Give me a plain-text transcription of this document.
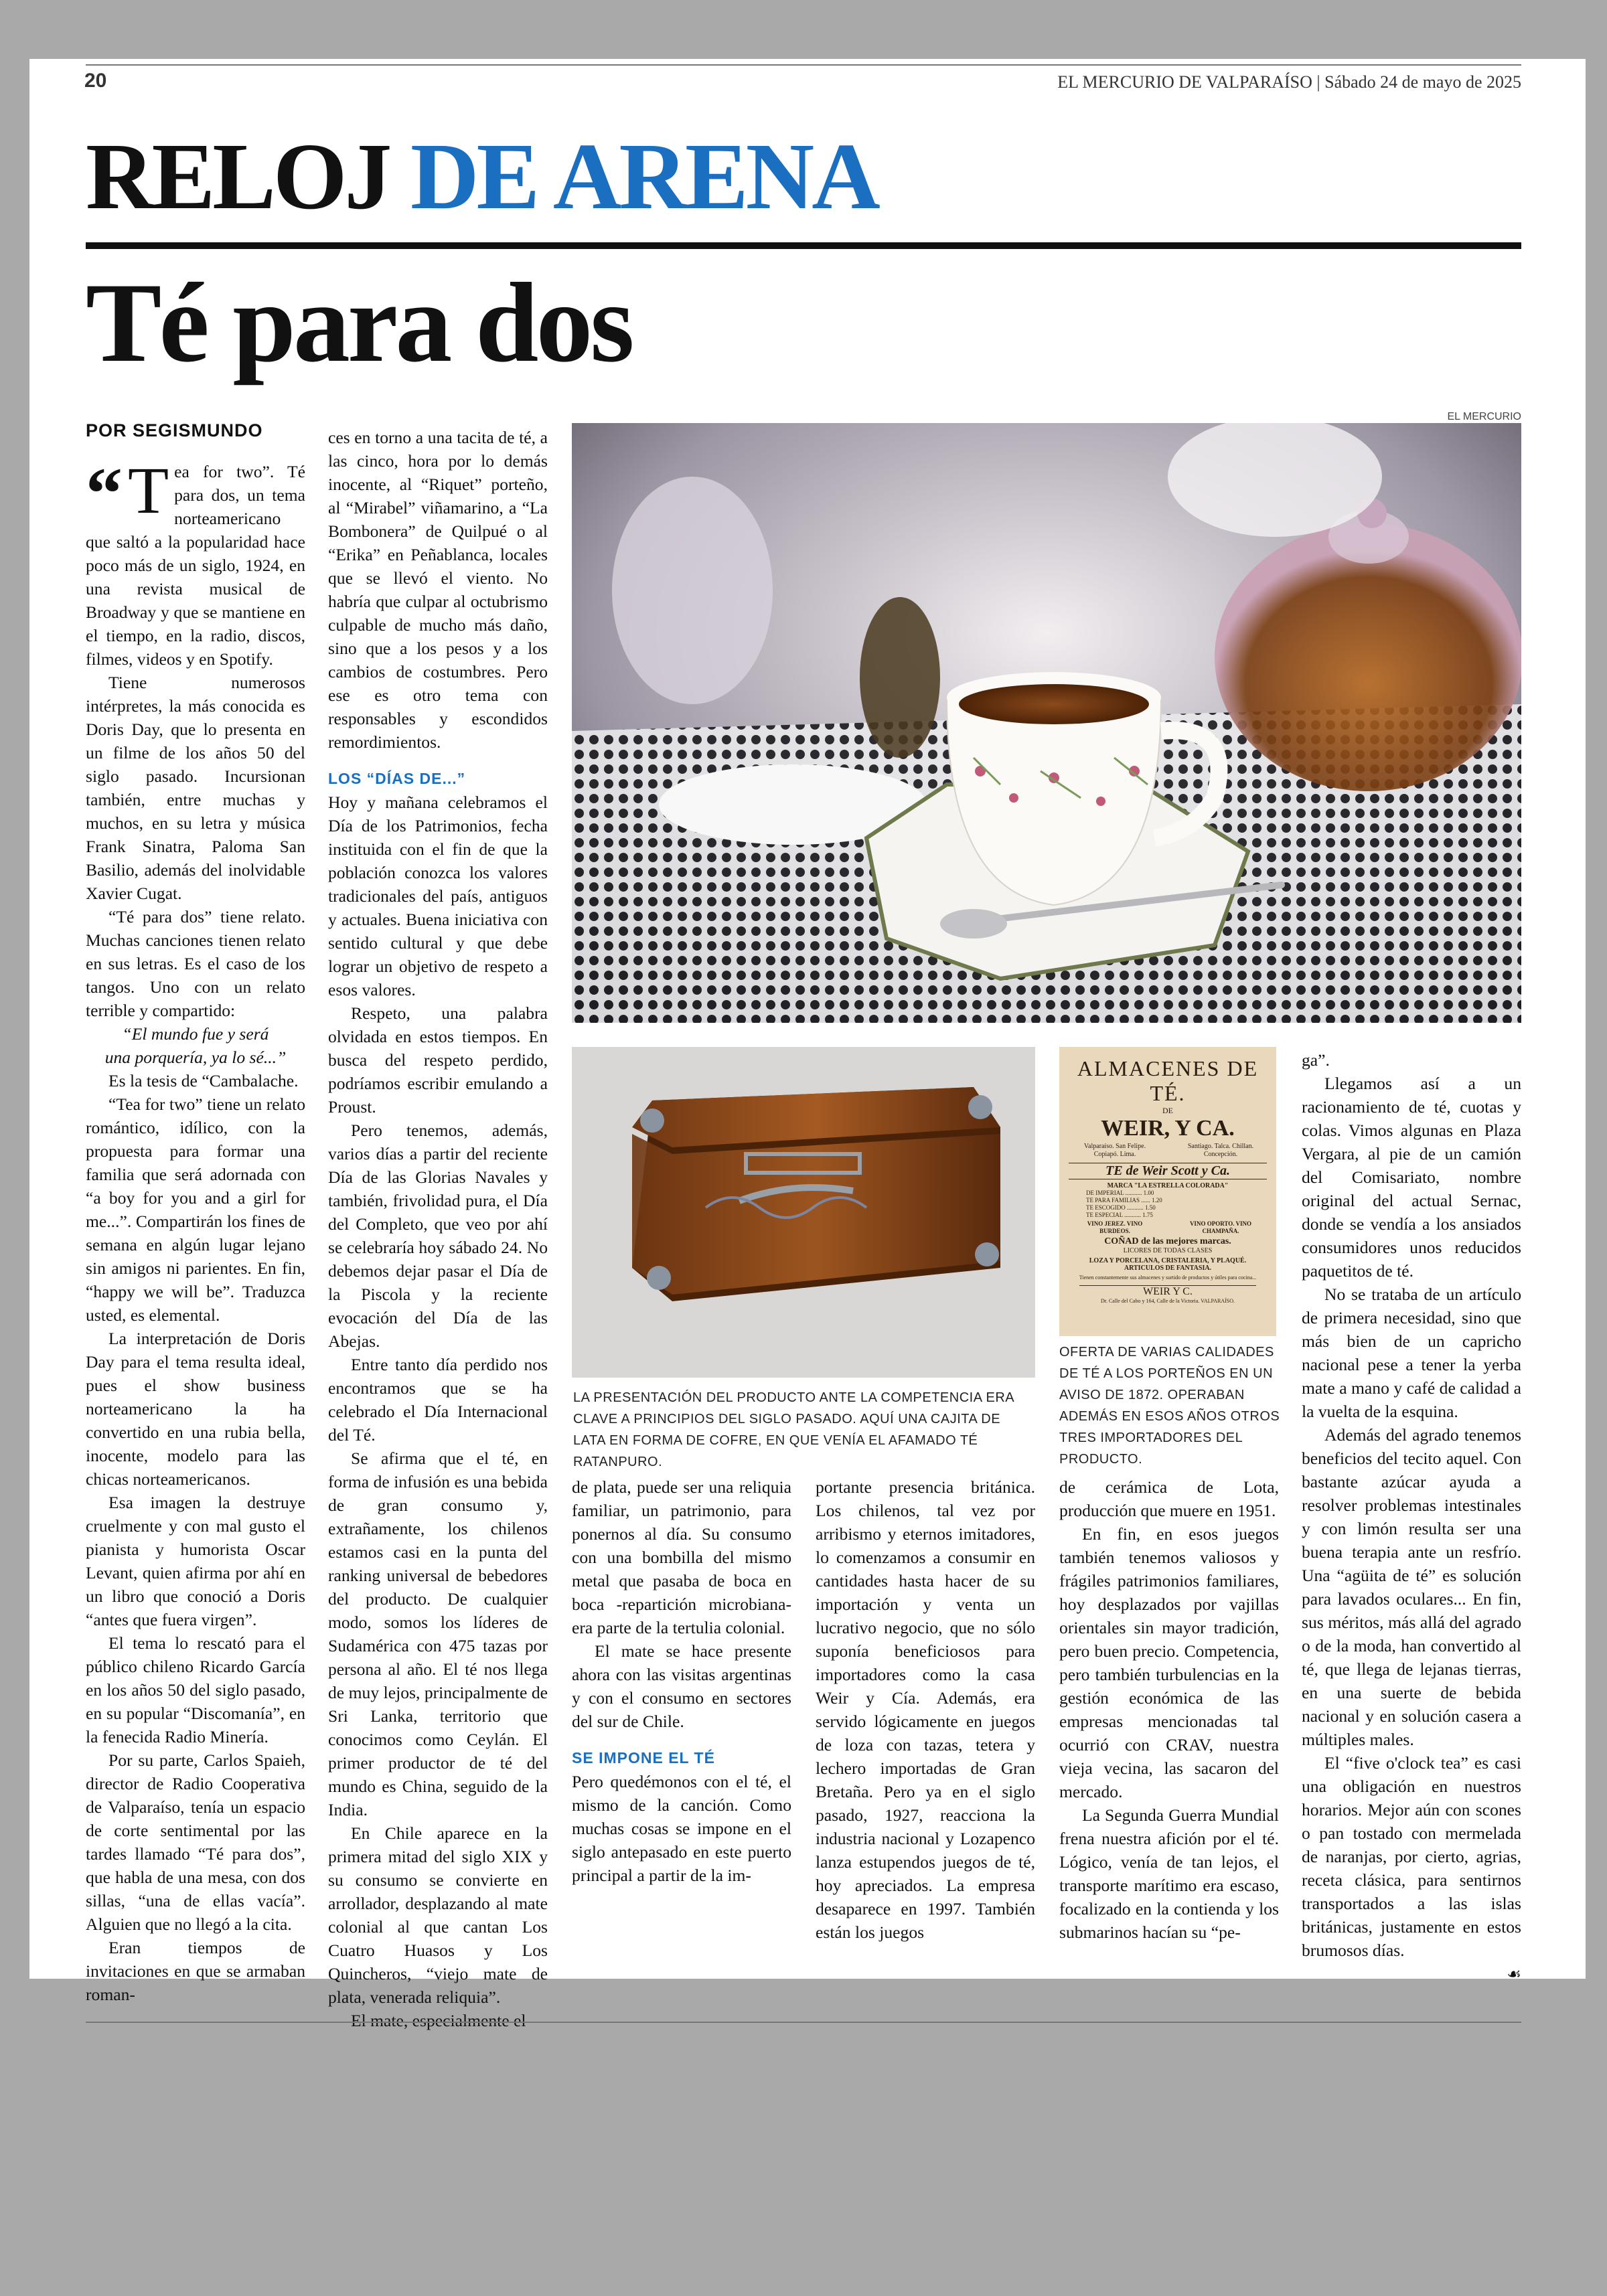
20	EL MERCURIO DE VALPARAÍSO | Sábado 24 de mayo de 2025
RELOJ DE ARENA
Té para dos
POR SEGISMUNDO

“ T ea for two”. Té para dos, un tema norteamericano que saltó a la popularidad hace poco más de un siglo, 1924, en una revista musical de Broadway y que se mantiene en el tiempo, en la radio, discos, filmes, videos y en Spotify.

Tiene numerosos intérpretes, la más conocida es Doris Day, que lo presenta en un filme de los años 50 del siglo pasado. Incursionan también, entre muchas y muchos, en su letra y música Frank Sinatra, Paloma San Basilio, además del inolvidable Xavier Cugat.

“Té para dos” tiene relato. Muchas canciones tienen relato en sus letras. Es el caso de los tangos. Uno con un relato terrible y compartido:

“El mundo fue y será

una porquería, ya lo sé...”

Es la tesis de “Cambalache.

“Tea for two” tiene un relato romántico, idílico, con la propuesta para formar una familia que será adornada con “a boy for you and a girl for me...”. Compartirán los fines de semana en algún lugar lejano sin amigos ni parientes. En fin, “happy we will be”. Traduzca usted, es elemental.

La interpretación de Doris Day para el tema resulta ideal, pues el show business norteamericano la ha convertido en una rubia bella, inocente, modelo para las chicas norteamericanos.

Esa imagen la destruye cruelmente y con mal gusto el pianista y humorista Oscar Levant, quien afirma por ahí en un libro que conoció a Doris “antes que fuera virgen”.

El tema lo rescató para el público chileno Ricardo García en los años 50 del siglo pasado, en su popular “Discomanía”, en la fenecida Radio Minería.

Por su parte, Carlos Spaieh, director de Radio Cooperativa de Valparaíso, tenía un espacio de corte sentimental por las tardes llamado “Té para dos”, que habla de una mesa, con dos sillas, “una de ellas vacía”. Alguien que no llegó a la cita.

Eran tiempos de invitaciones en que se armaban roman-

ces en torno a una tacita de té, a las cinco, hora por lo demás inocente, al “Riquet” porteño, al “Mirabel” viñamarino, a “La Bombonera” de Quilpué o al “Erika” en Peñablanca, locales que se llevó el viento. No habría que culpar al octubrismo culpable de mucho más daño, sino que a los pesos y a los cambios de costumbres. Pero ese es otro tema con responsables y escondidos remordimientos.

LOS “DÍAS DE...”

Hoy y mañana celebramos el Día de los Patrimonios, fecha instituida con el fin de que la población conozca los valores tradicionales del país, antiguos y actuales. Buena iniciativa con sentido cultural y que debe lograr un objetivo de respeto a esos valores.

Respeto, una palabra olvidada en estos tiempos. En busca del respeto perdido, podríamos escribir emulando a Proust.

Pero tenemos, además, varios días a partir del reciente Día de las Glorias Navales y también, frivolidad pura, el Día del Completo, que veo por ahí se celebraría hoy sábado 24. No debemos dejar pasar el Día de la Piscola y la reciente evocación del Día de las Abejas.

Entre tanto día perdido nos encontramos que se ha celebrado el Día Internacional del Té.

Se afirma que el té, en forma de infusión es una bebida de gran consumo y, extrañamente, los chilenos estamos casi en la punta del ranking universal de bebedores del producto. De cualquier modo, somos los líderes de Sudamérica con 475 tazas por persona al año. El té nos llega de muy lejos, principalmente de Sri Lanka, territorio que conocimos como Ceylán. El primer productor de té del mundo es China, seguido de la India.

En Chile aparece en la primera mitad del siglo XIX y su consumo se convierte en arrollador, desplazando al mate colonial al que cantan Los Cuatro Huasos y Los Quincheros, “viejo mate de plata, venerada reliquia”.

El mate, especialmente el

EL MERCURIO
ALMACENES DE TÉ.
DE
WEIR, Y CA.
Valparaíso. San Felipe. Copiapó. Lima.
Santiago. Talca. Chillan. Concepción.
TE de Weir Scott y Ca.
MARCA "LA ESTRELLA COLORADA"
DE IMPERIAL ........... 1.00
TE PARA FAMILIAS ...... 1.20
TE ESCOGIDO ........... 1.50
TE ESPECIAL ........... 1.75
VINO JEREZ. VINO BURDEOS.
VINO OPORTO. VINO CHAMPAÑA.
COÑAD de las mejores marcas.
LICORES DE TODAS CLASES
LOZA Y PORCELANA, CRISTALERIA, Y PLAQUÉ.
ARTICULOS DE FANTASIA.
Tienen constantemente sus almacenes y surtido de productos y útiles para cocina...
WEIR Y C.
Dr. Calle del Cabo y 164, Calle de la Victoria. VALPARAÍSO.
LA PRESENTACIÓN DEL PRODUCTO ANTE LA COMPETENCIA ERA CLAVE A PRINCIPIOS DEL SIGLO PASADO. AQUÍ UNA CAJITA DE LATA EN FORMA DE COFRE, EN QUE VENÍA EL AFAMADO TÉ RATANPURO.
OFERTA DE VARIAS CALIDADES DE TÉ A LOS PORTEÑOS EN UN AVISO DE 1872. OPERABAN ADEMÁS EN ESOS AÑOS OTROS TRES IMPORTADORES DEL PRODUCTO.

de plata, puede ser una reliquia familiar, un patrimonio, para ponernos al día. Su consumo con una bombilla del mismo metal que pasaba de boca en boca -repartición microbiana- era parte de la tertulia colonial.

El mate se hace presente ahora con las visitas argentinas y con el consumo en sectores del sur de Chile.

SE IMPONE EL TÉ

Pero quedémonos con el té, el mismo de la canción. Como muchas cosas se impone en el siglo antepasado en este puerto principal a partir de la im-

portante presencia británica. Los chilenos, tal vez por arribismo y eternos imitadores, lo comenzamos a consumir en cantidades hasta hacer de su importación y venta un lucrativo negocio, que no sólo suponía beneficiosos para importadores como la casa Weir y Cía. Además, era servido lógicamente en juegos de loza con tazas, tetera y lechero importadas de Gran Bretaña. Pero ya en el siglo pasado, 1927, reacciona la industria nacional y Lozapenco lanza estupendos juegos de té, hoy apreciados. La empresa desaparece en 1997. También están los juegos

de cerámica de Lota, producción que muere en 1951.

En fin, en esos juegos también tenemos valiosos y frágiles patrimonios familiares, hoy desplazados por vajillas orientales sin mayor tradición, pero buen precio. Competencia, pero también turbulencias en la gestión económica de las empresas mencionadas tal ocurrió con CRAV, nuestra vieja vecina, las sacaron del mercado.

La Segunda Guerra Mundial frena nuestra afición por el té. Lógico, venía de tan lejos, el transporte marítimo era escaso, focalizado en la contienda y los submarinos hacían su “pe-

ga”.

Llegamos así a un racionamiento de té, cuotas y colas. Vimos algunas en Plaza Vergara, al pie de un camión del Comisariato, nombre original del actual Sernac, donde se vendía a los ansiados consumidores unos reducidos paquetitos de té.

No se trataba de un artículo de primera necesidad, sino que más bien de un capricho nacional pese a tener la yerba mate a mano y café de calidad a la vuelta de la esquina.

Además del agrado tenemos beneficios del tecito aquel. Con bastante azúcar ayuda a resolver problemas intestinales y con limón resulta ser una buena terapia ante un resfrío. Una “agüita de té” es solución para lavados oculares... En fin, sus méritos, más allá del agrado o de la moda, han convertido al té, que llega de lejanas tierras, en una suerte de bebida nacional y en solución casera a múltiples males.

El “five o'clock tea” es casi una obligación en nuestros horarios. Mejor aún con scones o pan tostado con mermelada de naranjas, por cierto, agrias, receta clásica, para sentirnos transportados a las islas británicas, justamente en estos brumosos días.

☙
